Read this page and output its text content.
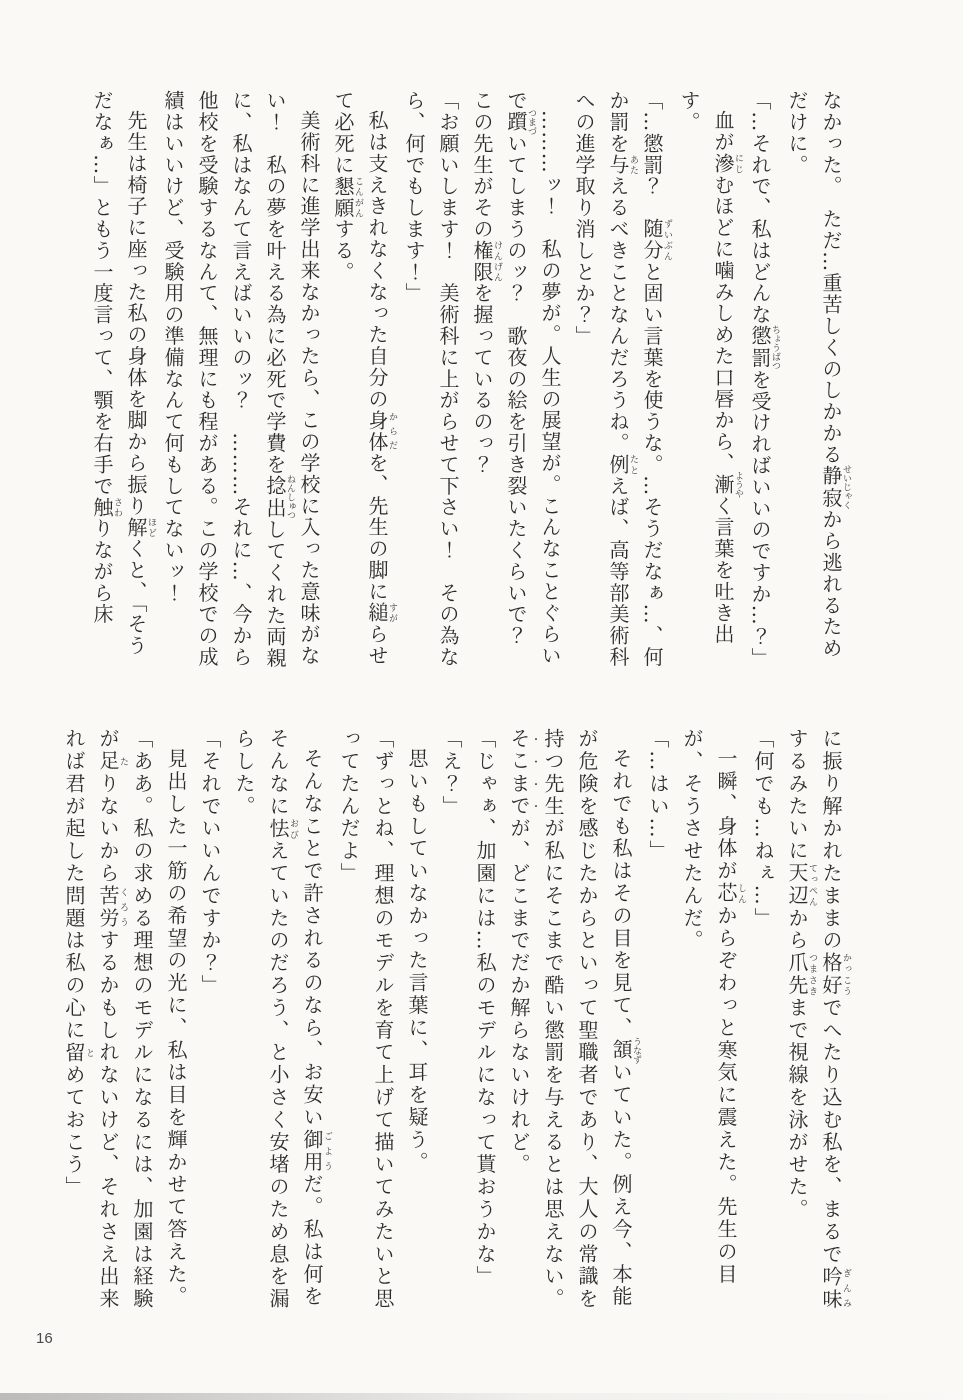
なかった。　ただ…重苦しくのしかかる静寂せいじゃくから逃れるためだけに。

「…それで、私はどんな懲罰ちょうばつを受ければいいのですか…？」

血が滲にじむほどに噛みしめた口唇から、漸ようやく言葉を吐き出す。

「…懲罰？　随分ずいぶんと固い言葉を使うな。…そうだなぁ…、何か罰を与あたえるべきことなんだろうね。例たとえば、高等部美術科への進学取り消しとか？」

………ッ！　私の夢が。人生の展望が。こんなことぐらいで躓つまづいてしまうのッ？　歌夜の絵を引き裂いたくらいで？　この先生がその権限けんげんを握っているのっ？

「お願いします！　美術科に上がらせて下さい！　その為なら、何でもします！」

私は支えきれなくなった自分の身体からだを、先生の脚に縋すがらせて必死に懇願こんがんする。

美術科に進学出来なかったら、この学校に入った意味がない！　私の夢を叶える為に必死で学費を捻出ねんしゅつしてくれた両親に、私はなんて言えばいいのッ？　………それに…、今から他校を受験するなんて、無理にも程がある。この学校での成績はいいけど、受験用の準備なんて何もしてないッ！

先生は椅子に座った私の身体を脚から振り解ほどくと、「そうだなぁ…」ともう一度言って、顎を右手で触さわりながら床

に振り解かれたままの格好かっこうでへたり込む私を、まるで吟味ぎんみするみたいに天辺てっぺんから爪先つまさきまで視線を泳がせた。

「何でも…ねぇ…」

一瞬、身体が芯しんからぞわっと寒気に震えた。先生の目が、そうさせたんだ。

「…はい…」

それでも私はその目を見て、頷うなずいていた。例え今、本能が危険を感じたからといって聖職者であり、大人の常識を持つ先生が私にそこまで酷い懲罰を与えるとは思えない。そ・こ・ま・で・が、どこまでだか解らないけれど。

「じゃぁ、加園には…私のモデルになって貰おうかな」

「え？」

思いもしていなかった言葉に、耳を疑う。

「ずっとね、理想のモデルを育て上げて描いてみたいと思ってたんだよ」

そんなことで許されるのなら、お安い御用ごようだ。私は何をそんなに怯おびえていたのだろう、と小さく安堵のため息を漏らした。

「それでいいんですか？」

見出した一筋の希望の光に、私は目を輝かせて答えた。

「ああ。私の求める理想のモデルになるには、加園は経験が足たりないから苦労くろうするかもしれないけど、それさえ出来れば君が起した問題は私の心に留とめておこう」

16
